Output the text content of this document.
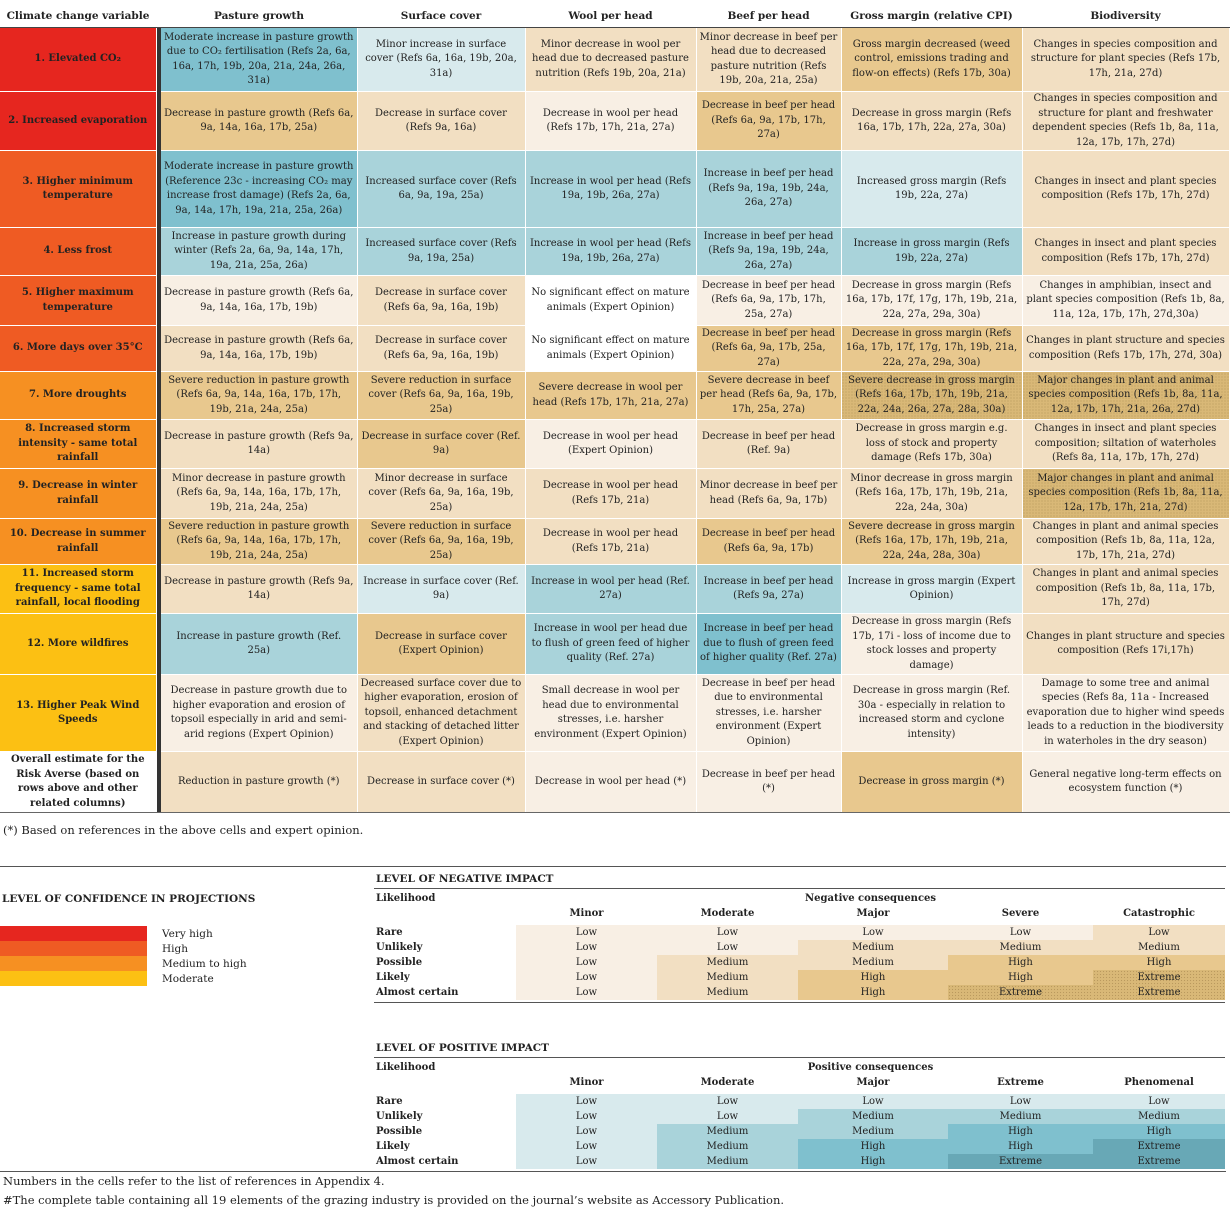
Climate change variable		Pasture growth	Surface cover	Wool per head	Beef per head	Gross margin (relative CPI)	Biodiversity
1. Elevated CO₂		Moderate increase in pasture growth due to CO₂ fertilisation (Refs 2a, 6a, 16a, 17h, 19b, 20a, 21a, 24a, 26a, 31a)	Minor increase in surface cover (Refs 6a, 16a, 19b, 20a, 31a)	Minor decrease in wool per head due to decreased pasture nutrition (Refs 19b, 20a, 21a)	Minor decrease in beef per head due to decreased pasture nutrition (Refs 19b, 20a, 21a, 25a)	Gross margin decreased (weed control, emissions trading and flow-on effects) (Refs 17b, 30a)	Changes in species composition and structure for plant species (Refs 17b, 17h, 21a, 27d)
2. Increased evaporation		Decrease in pasture growth (Refs 6a, 9a, 14a, 16a, 17b, 25a)	Decrease in surface cover (Refs 9a, 16a)	Decrease in wool per head (Refs 17b, 17h, 21a, 27a)	Decrease in beef per head (Refs 6a, 9a, 17b, 17h, 27a)	Decrease in gross margin (Refs 16a, 17b, 17h, 22a, 27a, 30a)	Changes in species composition and structure for plant and freshwater dependent species (Refs 1b, 8a, 11a, 12a, 17b, 17h, 27d)
3. Higher minimum temperature		Moderate increase in pasture growth (Reference 23c - increasing CO₂ may increase frost damage) (Refs 2a, 6a, 9a, 14a, 17h, 19a, 21a, 25a, 26a)	Increased surface cover (Refs 6a, 9a, 19a, 25a)	Increase in wool per head (Refs 19a, 19b, 26a, 27a)	Increase in beef per head (Refs 9a, 19a, 19b, 24a, 26a, 27a)	Increased gross margin (Refs 19b, 22a, 27a)	Changes in insect and plant species composition (Refs 17b, 17h, 27d)
4. Less frost		Increase in pasture growth during winter (Refs 2a, 6a, 9a, 14a, 17h, 19a, 21a, 25a, 26a)	Increased surface cover (Refs 9a, 19a, 25a)	Increase in wool per head (Refs 19a, 19b, 26a, 27a)	Increase in beef per head (Refs 9a, 19a, 19b, 24a, 26a, 27a)	Increase in gross margin (Refs 19b, 22a, 27a)	Changes in insect and plant species composition (Refs 17b, 17h, 27d)
5. Higher maximum temperature		Decrease in pasture growth (Refs 6a, 9a, 14a, 16a, 17b, 19b)	Decrease in surface cover (Refs 6a, 9a, 16a, 19b)	No significant effect on mature animals (Expert Opinion)	Decrease in beef per head (Refs 6a, 9a, 17b, 17h, 25a, 27a)	Decrease in gross margin (Refs 16a, 17b, 17f, 17g, 17h, 19b, 21a, 22a, 27a, 29a, 30a)	Changes in amphibian, insect and plant species composition (Refs 1b, 8a, 11a, 12a, 17b, 17h, 27d,30a)
6. More days over 35°C		Decrease in pasture growth (Refs 6a, 9a, 14a, 16a, 17b, 19b)	Decrease in surface cover (Refs 6a, 9a, 16a, 19b)	No significant effect on mature animals (Expert Opinion)	Decrease in beef per head (Refs 6a, 9a, 17b, 25a, 27a)	Decrease in gross margin (Refs 16a, 17b, 17f, 17g, 17h, 19b, 21a, 22a, 27a, 29a, 30a)	Changes in plant structure and species composition (Refs 17b, 17h, 27d, 30a)
7. More droughts		Severe reduction in pasture growth (Refs 6a, 9a, 14a, 16a, 17b, 17h, 19b, 21a, 24a, 25a)	Severe reduction in surface cover (Refs 6a, 9a, 16a, 19b, 25a)	Severe decrease in wool per head (Refs 17b, 17h, 21a, 27a)	Severe decrease in beef per head (Refs 6a, 9a, 17b, 17h, 25a, 27a)	Severe decrease in gross margin (Refs 16a, 17b, 17h, 19b, 21a, 22a, 24a, 26a, 27a, 28a, 30a)	Major changes in plant and animal species composition (Refs 1b, 8a, 11a, 12a, 17b, 17h, 21a, 26a, 27d)
8. Increased storm intensity - same total rainfall		Decrease in pasture growth (Refs 9a, 14a)	Decrease in surface cover (Ref. 9a)	Decrease in wool per head (Expert Opinion)	Decrease in beef per head (Ref. 9a)	Decrease in gross margin e.g. loss of stock and property damage (Refs 17b, 30a)	Changes in insect and plant species composition; siltation of waterholes (Refs 8a, 11a, 17b, 17h, 27d)
9. Decrease in winter rainfall		Minor decrease in pasture growth (Refs 6a, 9a, 14a, 16a, 17b, 17h, 19b, 21a, 24a, 25a)	Minor decrease in surface cover (Refs 6a, 9a, 16a, 19b, 25a)	Decrease in wool per head (Refs 17b, 21a)	Minor decrease in beef per head (Refs 6a, 9a, 17b)	Minor decrease in gross margin (Refs 16a, 17b, 17h, 19b, 21a, 22a, 24a, 30a)	Major changes in plant and animal species composition (Refs 1b, 8a, 11a, 12a, 17b, 17h, 21a, 27d)
10. Decrease in summer rainfall		Severe reduction in pasture growth (Refs 6a, 9a, 14a, 16a, 17b, 17h, 19b, 21a, 24a, 25a)	Severe reduction in surface cover (Refs 6a, 9a, 16a, 19b, 25a)	Decrease in wool per head (Refs 17b, 21a)	Decrease in beef per head (Refs 6a, 9a, 17b)	Severe decrease in gross margin (Refs 16a, 17b, 17h, 19b, 21a, 22a, 24a, 28a, 30a)	Changes in plant and animal species composition (Refs 1b, 8a, 11a, 12a, 17b, 17h, 21a, 27d)
11. Increased storm frequency - same total rainfall, local flooding		Decrease in pasture growth (Refs 9a, 14a)	Increase in surface cover (Ref. 9a)	Increase in wool per head (Ref. 27a)	Increase in beef per head (Refs 9a, 27a)	Increase in gross margin (Expert Opinion)	Changes in plant and animal species composition (Refs 1b, 8a, 11a, 17b, 17h, 27d)
12. More wildfires		Increase in pasture growth (Ref. 25a)	Decrease in surface cover (Expert Opinion)	Increase in wool per head due to flush of green feed of higher quality (Ref. 27a)	Increase in beef per head due to flush of green feed of higher quality (Ref. 27a)	Decrease in gross margin (Refs 17b, 17i - loss of income due to stock losses and property damage)	Changes in plant structure and species composition (Refs 17i,17h)
13. Higher Peak Wind Speeds		Decrease in pasture growth due to higher evaporation and erosion of topsoil especially in arid and semi-arid regions (Expert Opinion)	Decreased surface cover due to higher evaporation, erosion of topsoil, enhanced detachment and stacking of detached litter (Expert Opinion)	Small decrease in wool per head due to environmental stresses, i.e. harsher environment (Expert Opinion)	Decrease in beef per head due to environmental stresses, i.e. harsher environment (Expert Opinion)	Decrease in gross margin (Ref. 30a - especially in relation to increased storm and cyclone intensity)	Damage to some tree and animal species (Refs 8a, 11a - Increased evaporation due to higher wind speeds leads to a reduction in the biodiversity in waterholes in the dry season)
Overall estimate for the Risk Averse (based on rows above and other related columns)		Reduction in pasture growth (*)	Decrease in surface cover (*)	Decrease in wool per head (*)	Decrease in beef per head (*)	Decrease in gross margin (*)	General negative long-term effects on ecosystem function (*)
(*) Based on references in the above cells and expert opinion.
LEVEL OF CONFIDENCE IN PROJECTIONS
Very high
High
Medium to high
Moderate
LEVEL OF NEGATIVE IMPACT
Likelihood	Negative consequences				
	Minor	Moderate	Major	Severe	Catastrophic

Rare	Low	Low	Low	Low	Low
Unlikely	Low	Low	Medium	Medium	Medium
Possible	Low	Medium	Medium	High	High
Likely	Low	Medium	High	High	Extreme
Almost certain	Low	Medium	High	Extreme	Extreme
LEVEL OF POSITIVE IMPACT
Likelihood	Positive consequences				
	Minor	Moderate	Major	Extreme	Phenomenal

Rare	Low	Low	Low	Low	Low
Unlikely	Low	Low	Medium	Medium	Medium
Possible	Low	Medium	Medium	High	High
Likely	Low	Medium	High	High	Extreme
Almost certain	Low	Medium	High	Extreme	Extreme
Numbers in the cells refer to the list of references in Appendix 4.
#The complete table containing all 19 elements of the grazing industry is provided on the journal’s website as Accessory Publication.
